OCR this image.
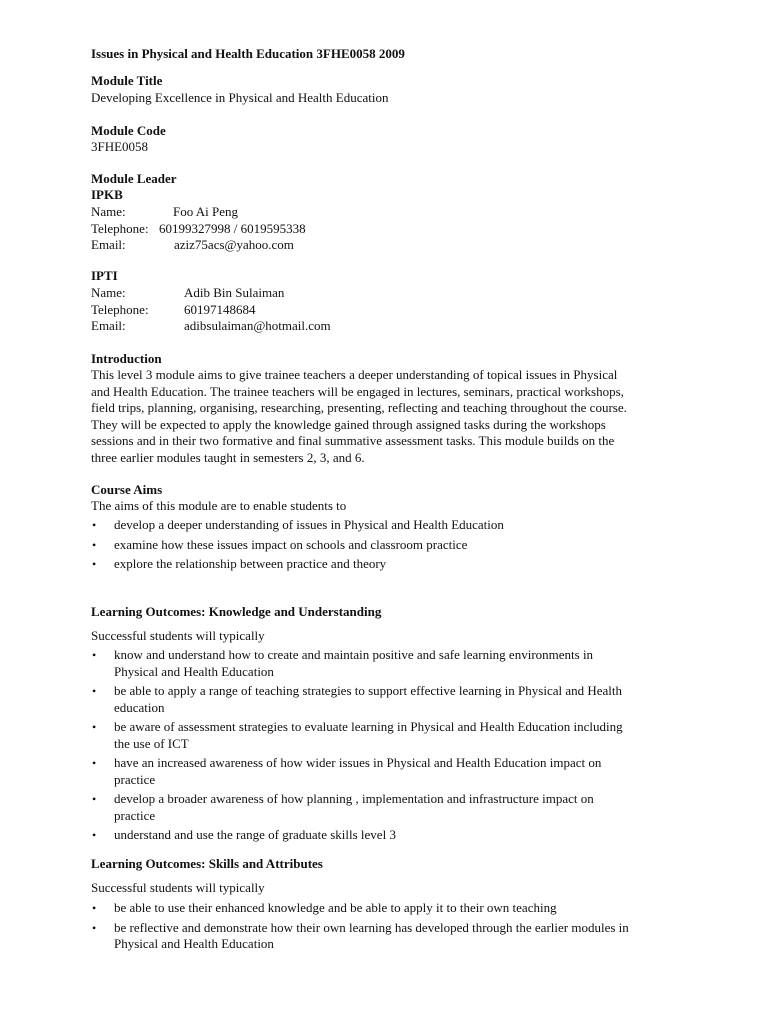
Issues in Physical and Health Education 3FHE0058 2009
Module Title
Developing Excellence in Physical and Health Education
Module Code
3FHE0058
Module Leader
IPKB
Name:	Foo Ai Peng
Telephone: 60199327998 / 6019595338
Email:	aziz75acs@yahoo.com
IPTI
Name:	Adib Bin Sulaiman
Telephone:	60197148684
Email:	adibsulaiman@hotmail.com
Introduction
This level 3 module aims to give trainee teachers a deeper understanding of topical issues in Physical
and Health Education. The trainee teachers will be engaged in lectures, seminars, practical workshops,
field trips, planning, organising, researching, presenting, reflecting and teaching throughout the course.
They will be expected to apply the knowledge gained through assigned tasks during the workshops
sessions and in their two formative and final summative assessment tasks. This module builds on the
three earlier modules taught in semesters 2, 3, and 6.
Course Aims
The aims of this module are to enable students to
• develop a deeper understanding of issues in Physical and Health Education
• examine how these issues impact on schools and classroom practice
• explore the relationship between practice and theory
Learning Outcomes: Knowledge and Understanding
Successful students will typically
• know and understand how to create and maintain positive and safe learning environments in
Physical and Health Education
• be able to apply a range of teaching strategies to support effective learning in Physical and Health
education
• be aware of assessment strategies to evaluate learning in Physical and Health Education including
the use of ICT
• have an increased awareness of how wider issues in Physical and Health Education impact on
practice
• develop a broader awareness of how planning , implementation and infrastructure impact on
practice
• understand and use the range of graduate skills level 3
Learning Outcomes: Skills and Attributes
Successful students will typically
• be able to use their enhanced knowledge and be able to apply it to their own teaching
• be reflective and demonstrate how their own learning has developed through the earlier modules in
Physical and Health Education
